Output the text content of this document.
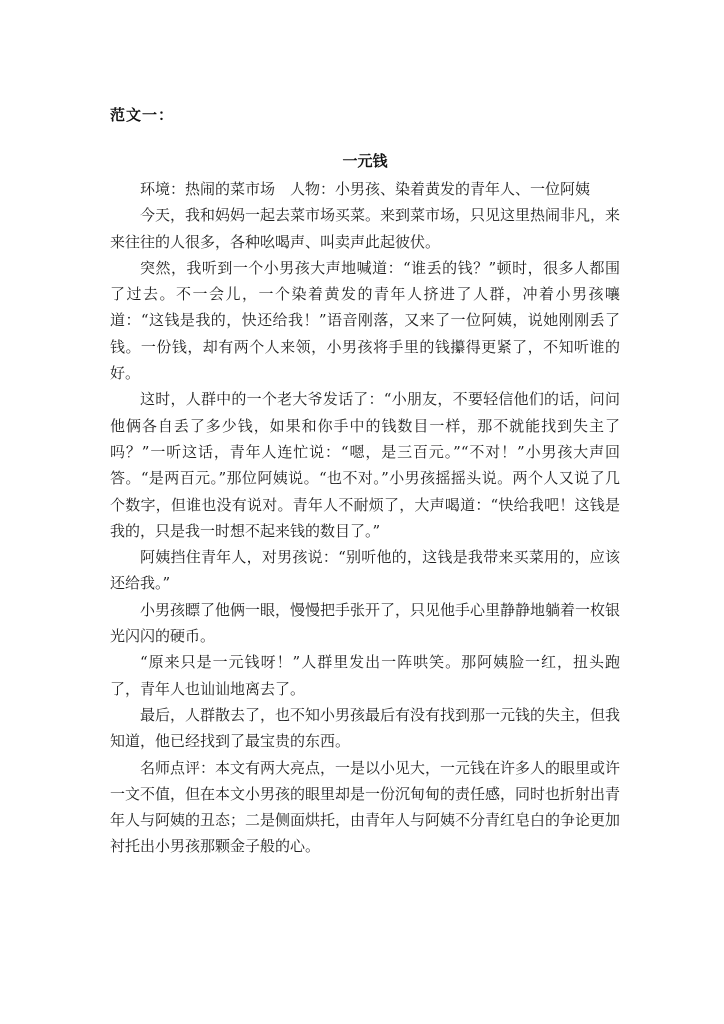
范文一：
一元钱

环境：热闹的菜市场　人物：小男孩、染着黄发的青年人、一位阿姨

今天，我和妈妈一起去菜市场买菜。来到菜市场，只见这里热闹非凡，来来往往的人很多，各种吆喝声、叫卖声此起彼伏。

突然，我听到一个小男孩大声地喊道：“谁丢的钱？”顿时，很多人都围了过去。不一会儿，一个染着黄发的青年人挤进了人群，冲着小男孩嚷道：“这钱是我的，快还给我！”语音刚落，又来了一位阿姨，说她刚刚丢了钱。一份钱，却有两个人来领，小男孩将手里的钱攥得更紧了，不知听谁的好。

这时，人群中的一个老大爷发话了：“小朋友，不要轻信他们的话，问问他俩各自丢了多少钱，如果和你手中的钱数目一样，那不就能找到失主了吗？”一听这话，青年人连忙说：“嗯，是三百元。”“不对！”小男孩大声回答。“是两百元。”那位阿姨说。“也不对。”小男孩摇摇头说。两个人又说了几个数字，但谁也没有说对。青年人不耐烦了，大声喝道：“快给我吧！这钱是我的，只是我一时想不起来钱的数目了。”

阿姨挡住青年人，对男孩说：“别听他的，这钱是我带来买菜用的，应该还给我。”

小男孩瞟了他俩一眼，慢慢把手张开了，只见他手心里静静地躺着一枚银光闪闪的硬币。

“原来只是一元钱呀！”人群里发出一阵哄笑。那阿姨脸一红，扭头跑了，青年人也讪讪地离去了。

最后，人群散去了，也不知小男孩最后有没有找到那一元钱的失主，但我知道，他已经找到了最宝贵的东西。

名师点评：本文有两大亮点，一是以小见大，一元钱在许多人的眼里或许一文不值，但在本文小男孩的眼里却是一份沉甸甸的责任感，同时也折射出青年人与阿姨的丑态；二是侧面烘托，由青年人与阿姨不分青红皂白的争论更加衬托出小男孩那颗金子般的心。
